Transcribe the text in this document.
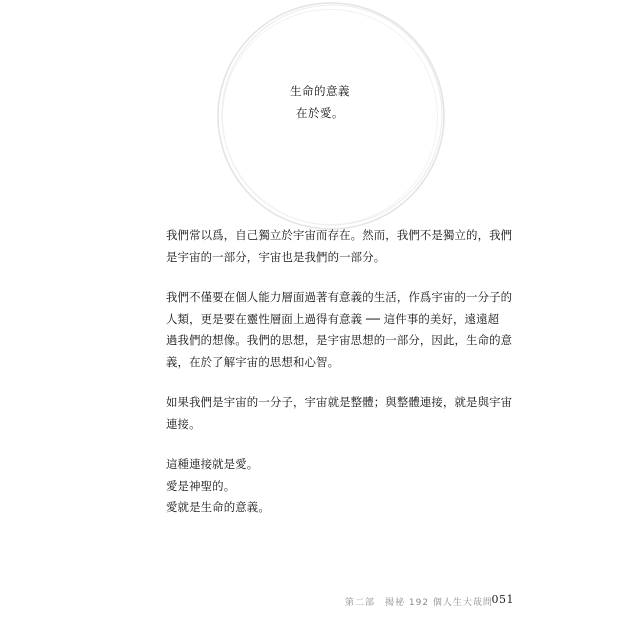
生命的意義
在於愛。

我們常以爲，自己獨立於宇宙而存在。然而，我們不是獨立的，我們
是宇宙的一部分，宇宙也是我們的一部分。

我們不僅要在個人能力層面過著有意義的生活，作爲宇宙的一分子的
人類，更是要在靈性層面上過得有意義 ── 這件事的美好，遠遠超
過我們的想像。我們的思想，是宇宙思想的一部分，因此，生命的意
義，在於了解宇宙的思想和心智。

如果我們是宇宙的一分子，宇宙就是整體；與整體連接，就是與宇宙
連接。

這種連接就是愛。
愛是神聖的。
愛就是生命的意義。

第二部　 揭祕 192 個人生大哉問
051
